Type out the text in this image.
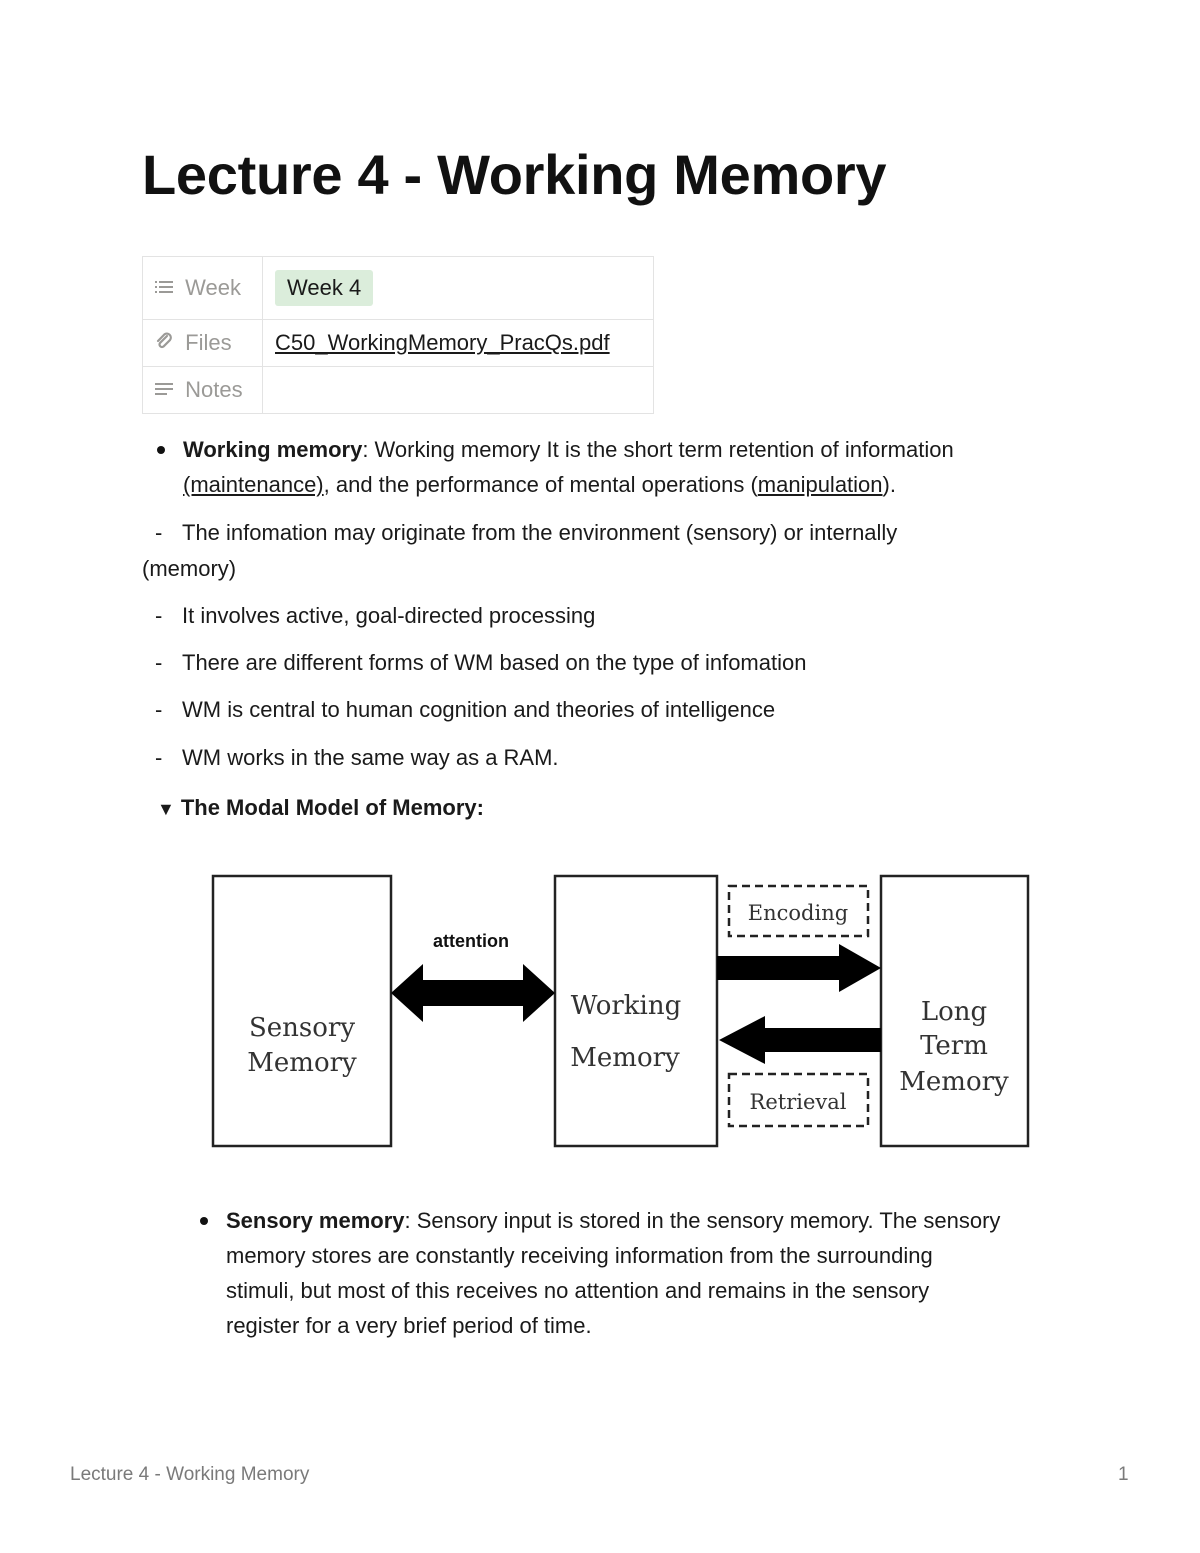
Lecture 4 - Working Memory
Week	Week 4
Files	C50_WorkingMemory_PracQs.pdf
Notes	
Working memory: Working memory It is the short term retention of information
(maintenance), and the performance of mental operations (manipulation).
- The infomation may originate from the environment (sensory) or internally
(memory)
- It involves active, goal-directed processing
- There are different forms of WM based on the type of infomation
- WM is central to human cognition and theories of intelligence
- WM works in the same way as a RAM.
▼ The Modal Model of Memory:
Sensory
Memory
Working
Memory
Long
Term
Memory
Encoding
Retrieval
attention
Sensory memory: Sensory input is stored in the sensory memory. The sensory
memory stores are constantly receiving information from the surrounding
stimuli, but most of this receives no attention and remains in the sensory
register for a very brief period of time.
Lecture 4 - Working Memory	1
